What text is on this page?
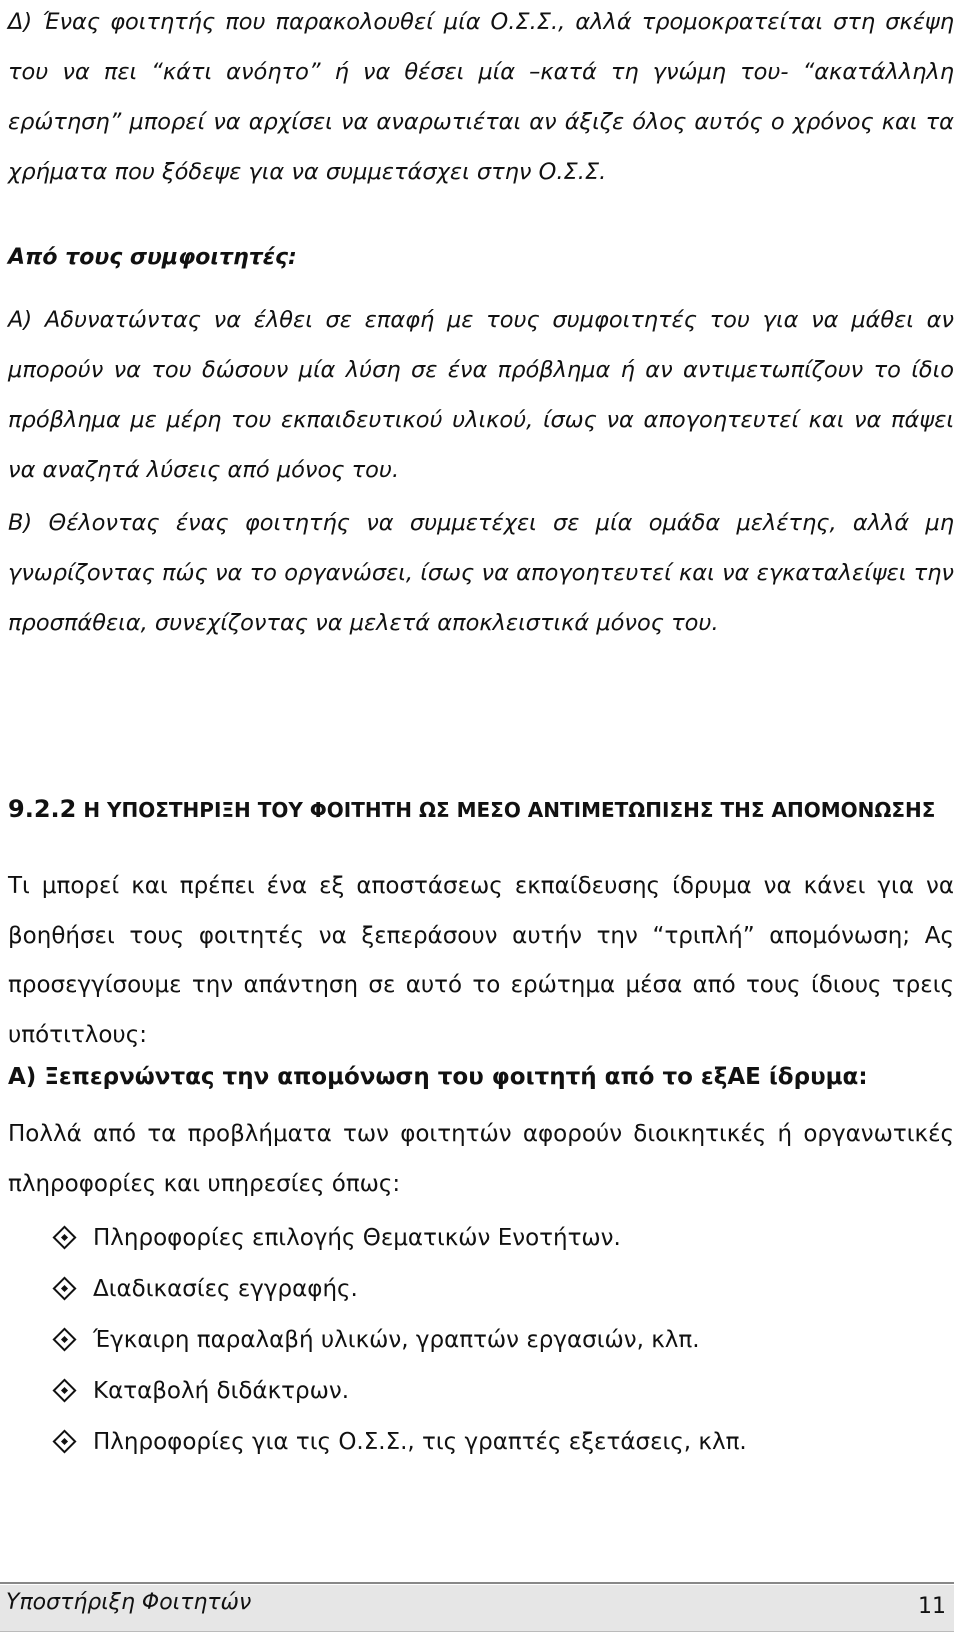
Δ) Ένας φοιτητής που παρακολουθεί μία Ο.Σ.Σ., αλλά τρομοκρατείται στη σκέψη του να πει “κάτι ανόητο” ή να θέσει μία –κατά τη γνώμη του- “ακατάλληλη ερώτηση” μπορεί να αρχίσει να αναρωτιέται αν άξιζε όλος αυτός ο χρόνος και τα χρήματα που ξόδεψε για να συμμετάσχει στην Ο.Σ.Σ.

Από τους συμφοιτητές:

Α) Αδυνατώντας να έλθει σε επαφή με τους συμφοιτητές του για να μάθει αν μπορούν να του δώσουν μία λύση σε ένα πρόβλημα ή αν αντιμετωπίζουν το ίδιο πρόβλημα με μέρη του εκπαιδευτικού υλικού, ίσως να απογοητευτεί και να πάψει να αναζητά λύσεις από μόνος του.

Β) Θέλοντας ένας φοιτητής να συμμετέχει σε μία ομάδα μελέτης, αλλά μη γνωρίζοντας πώς να το οργανώσει, ίσως να απογοητευτεί και να εγκαταλείψει την προσπάθεια, συνεχίζοντας να μελετά αποκλειστικά μόνος του.

9.2.2 Η ΥΠΟΣΤΗΡΙΞΗ ΤΟΥ ΦΟΙΤΗΤΗ ΩΣ ΜΕΣΟ ΑΝΤΙΜΕΤΩΠΙΣΗΣ ΤΗΣ ΑΠΟΜΟΝΩΣΗΣ

Τι μπορεί και πρέπει ένα εξ αποστάσεως εκπαίδευσης ίδρυμα να κάνει για να βοηθήσει τους φοιτητές να ξεπεράσουν αυτήν την “τριπλή” απομόνωση; Ας προσεγγίσουμε την απάντηση σε αυτό το ερώτημα μέσα από τους ίδιους τρεις υπότιτλους:

Α) Ξεπερνώντας την απομόνωση του φοιτητή από το εξΑΕ ίδρυμα:

Πολλά από τα προβλήματα των φοιτητών αφορούν διοικητικές ή οργανωτικές πληροφορίες και υπηρεσίες όπως:

Πληροφορίες επιλογής Θεματικών Ενοτήτων.
Διαδικασίες εγγραφής.
Έγκαιρη παραλαβή υλικών, γραπτών εργασιών, κλπ.
Καταβολή διδάκτρων.
Πληροφορίες για τις Ο.Σ.Σ., τις γραπτές εξετάσεις, κλπ.
Υποστήριξη Φοιτητών	11
